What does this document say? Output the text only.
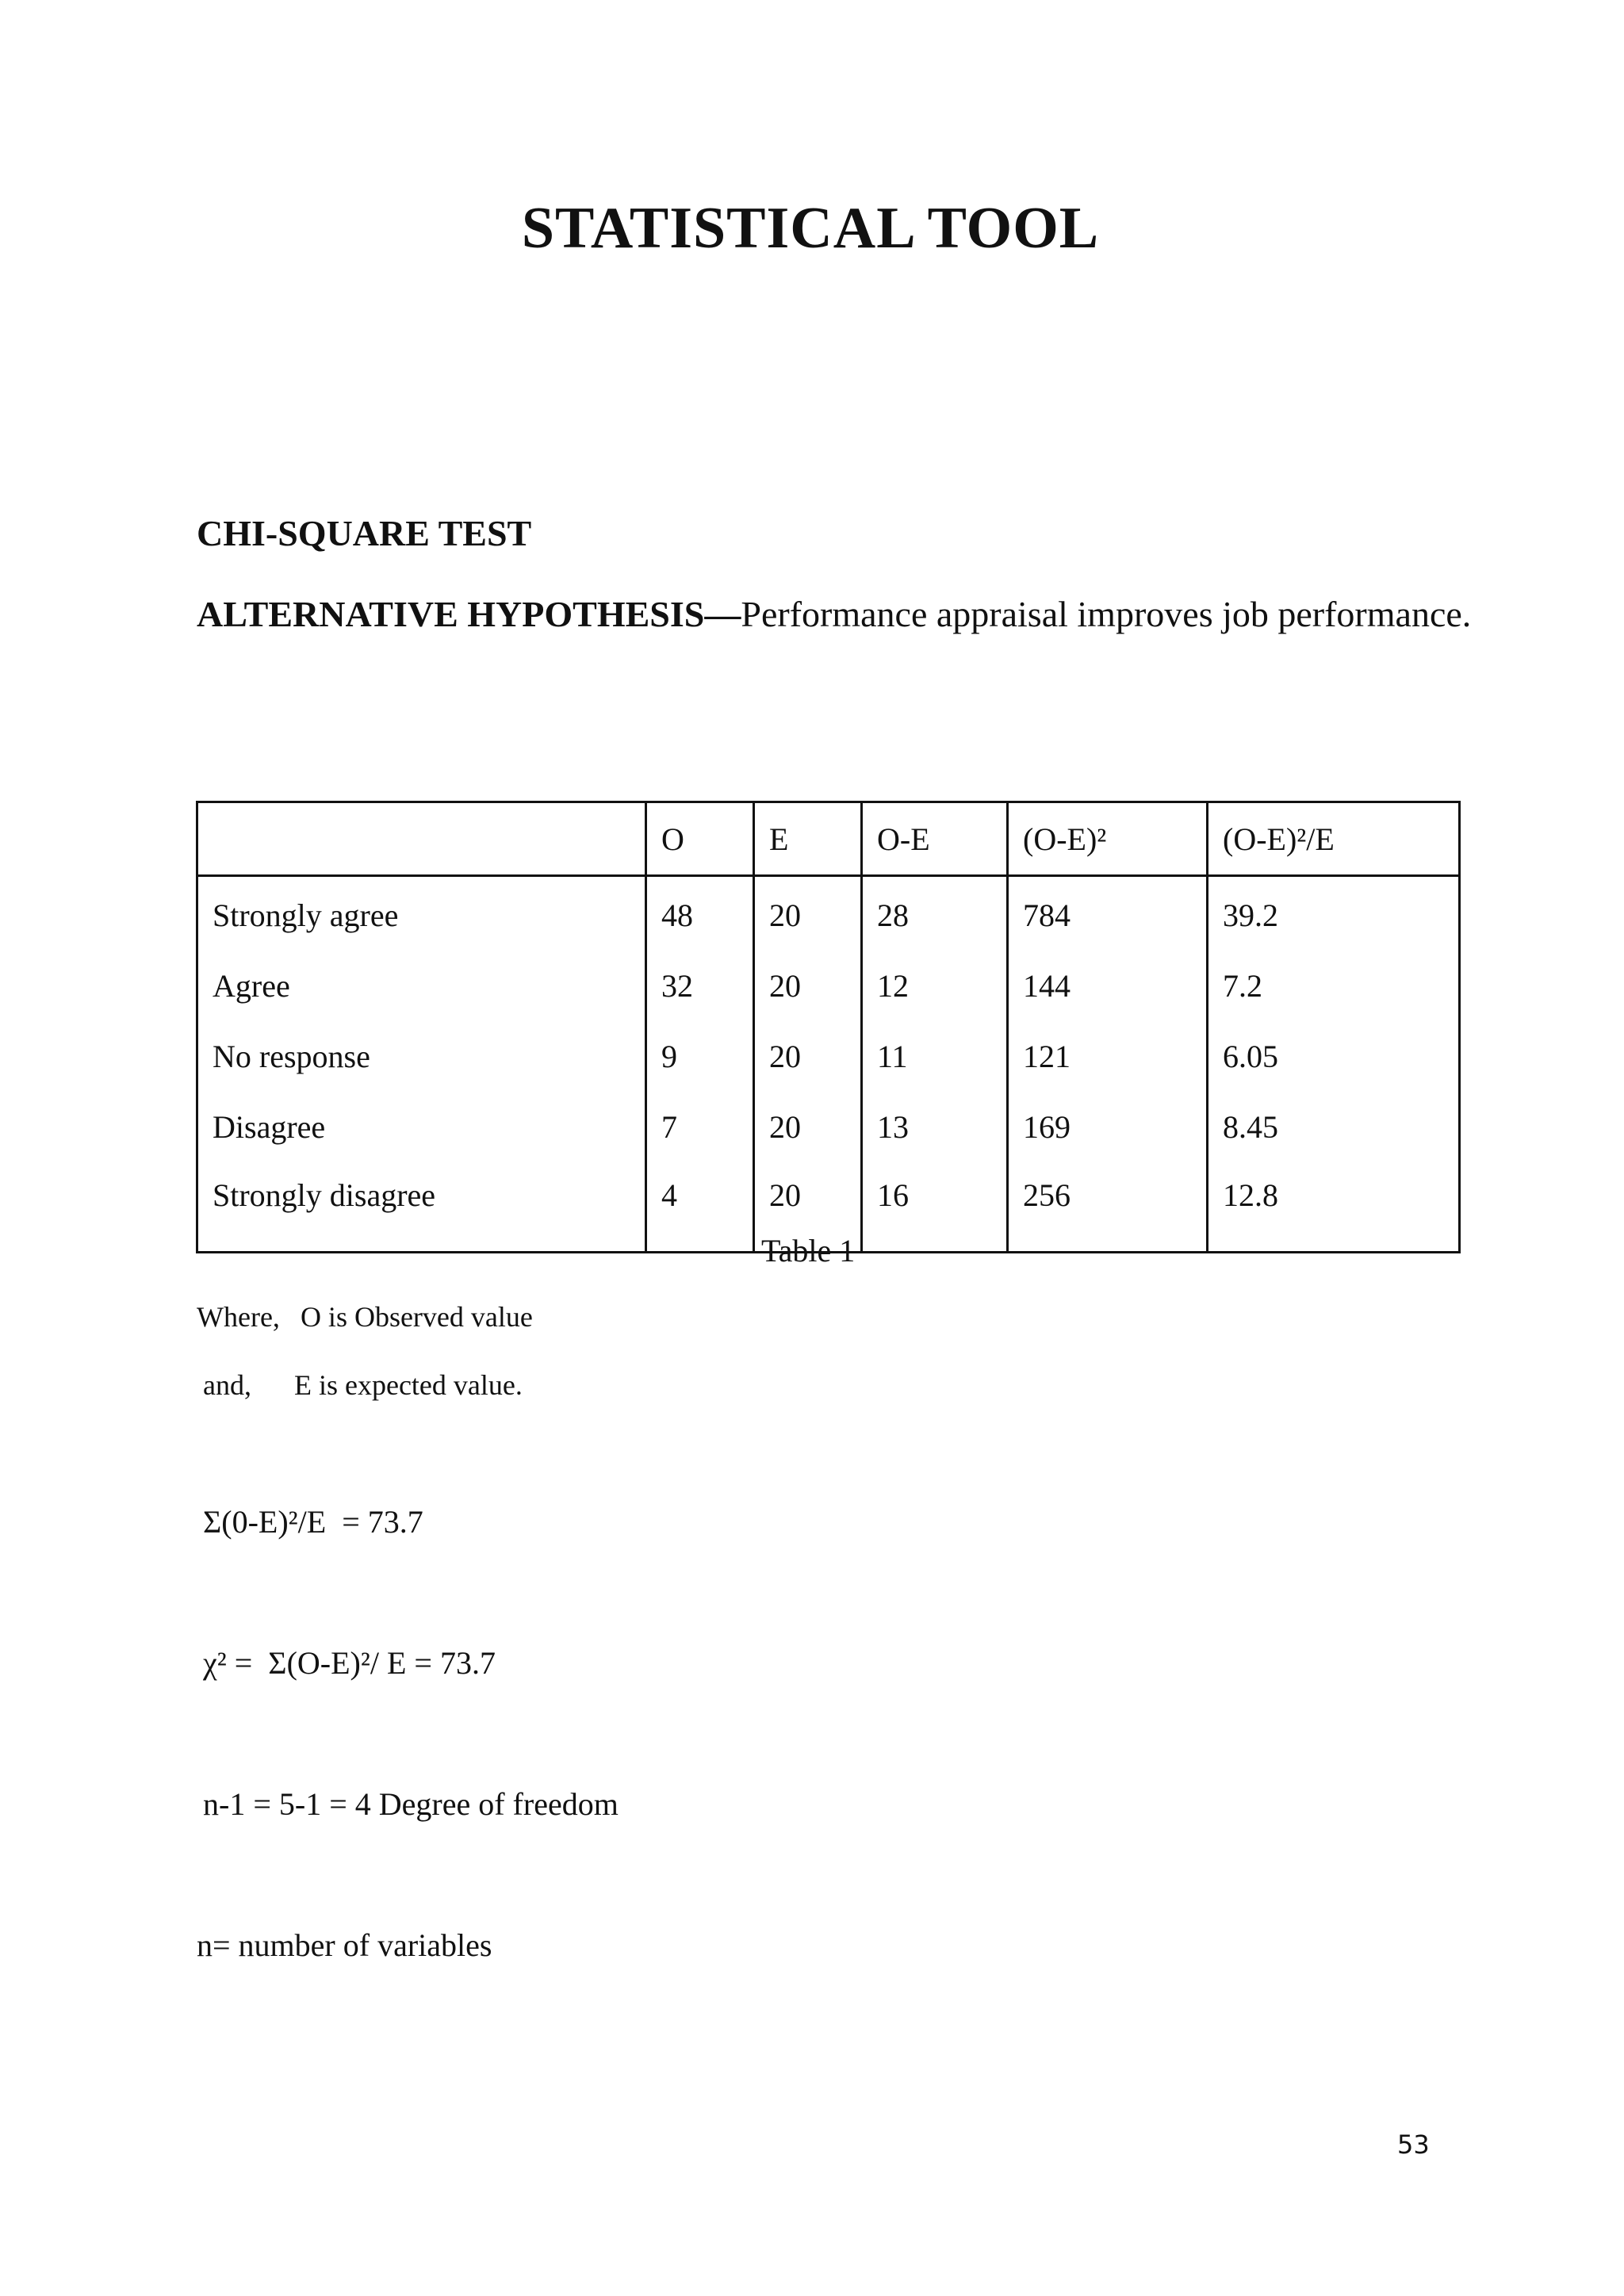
STATISTICAL TOOL
CHI-SQUARE TEST
ALTERNATIVE HYPOTHESIS—Performance appraisal improves job performance.
	O	E	O-E	(O-E)²	(O-E)²/E
Strongly agree	48	20	28	784	39.2
Agree	32	20	12	144	7.2
No response	9	20	11	121	6.05
Disagree	7	20	13	169	8.45
Strongly disagree	4	20	16	256	12.8
Table 1
Where, O is Observed value
and, E is expected value.
Σ(0-E)²/E  = 73.7
χ² =  Σ(O-E)²/ E = 73.7
n-1 = 5-1 = 4 Degree of freedom
n= number of variables
53
